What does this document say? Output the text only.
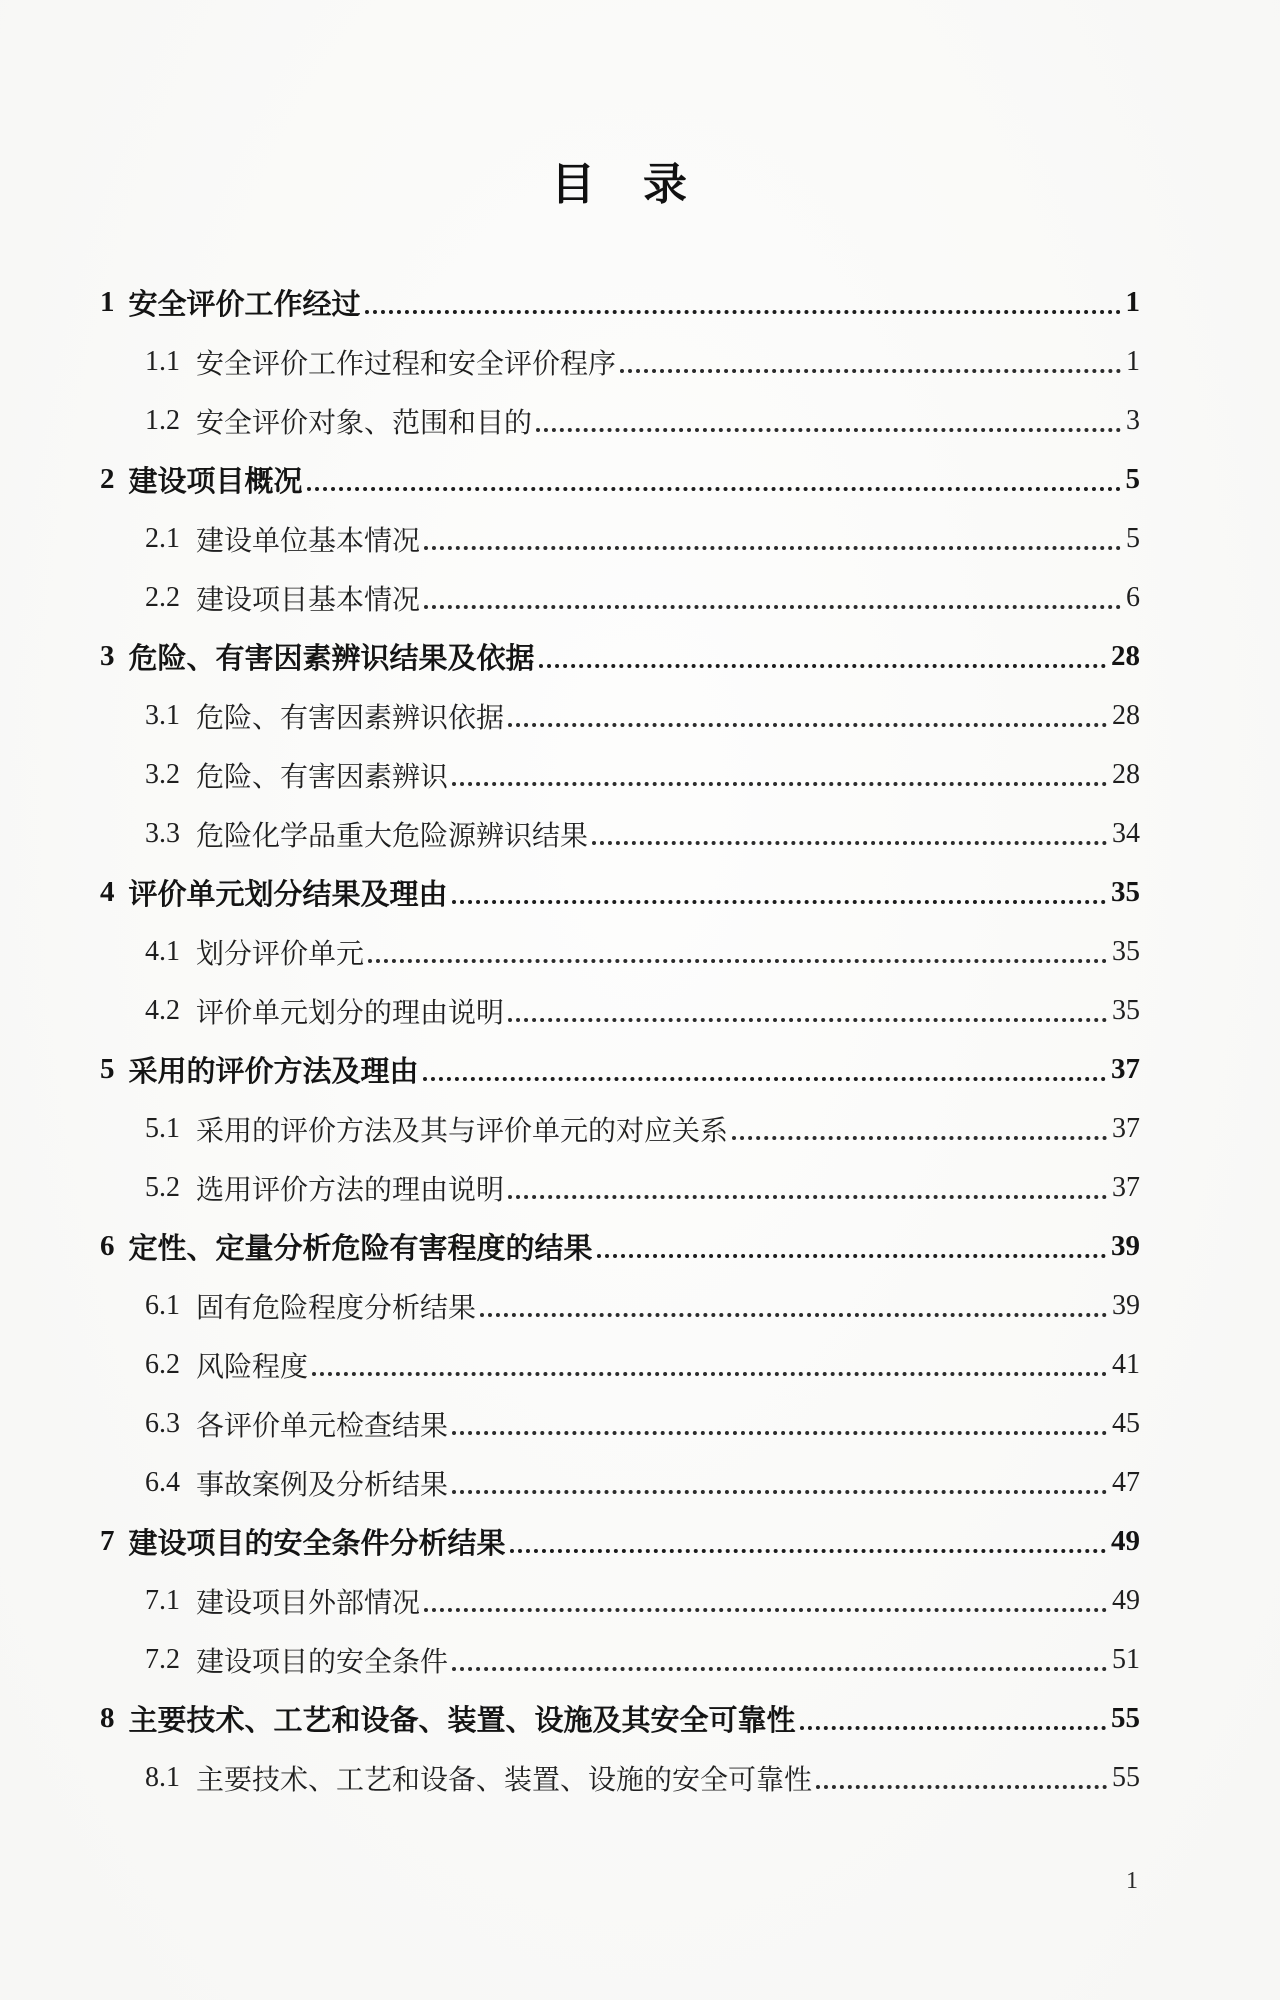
目　录
1 安全评价工作经过	1
1.1 安全评价工作过程和安全评价程序	1
1.2 安全评价对象、范围和目的	3
2 建设项目概况	5
2.1 建设单位基本情况	5
2.2 建设项目基本情况	6
3 危险、有害因素辨识结果及依据	28
3.1 危险、有害因素辨识依据	28
3.2 危险、有害因素辨识	28
3.3 危险化学品重大危险源辨识结果	34
4 评价单元划分结果及理由	35
4.1 划分评价单元	35
4.2 评价单元划分的理由说明	35
5 采用的评价方法及理由	37
5.1 采用的评价方法及其与评价单元的对应关系	37
5.2 选用评价方法的理由说明	37
6 定性、定量分析危险有害程度的结果	39
6.1 固有危险程度分析结果	39
6.2 风险程度	41
6.3 各评价单元检查结果	45
6.4 事故案例及分析结果	47
7 建设项目的安全条件分析结果	49
7.1 建设项目外部情况	49
7.2 建设项目的安全条件	51
8 主要技术、工艺和设备、装置、设施及其安全可靠性	55
8.1 主要技术、工艺和设备、装置、设施的安全可靠性	55
1
